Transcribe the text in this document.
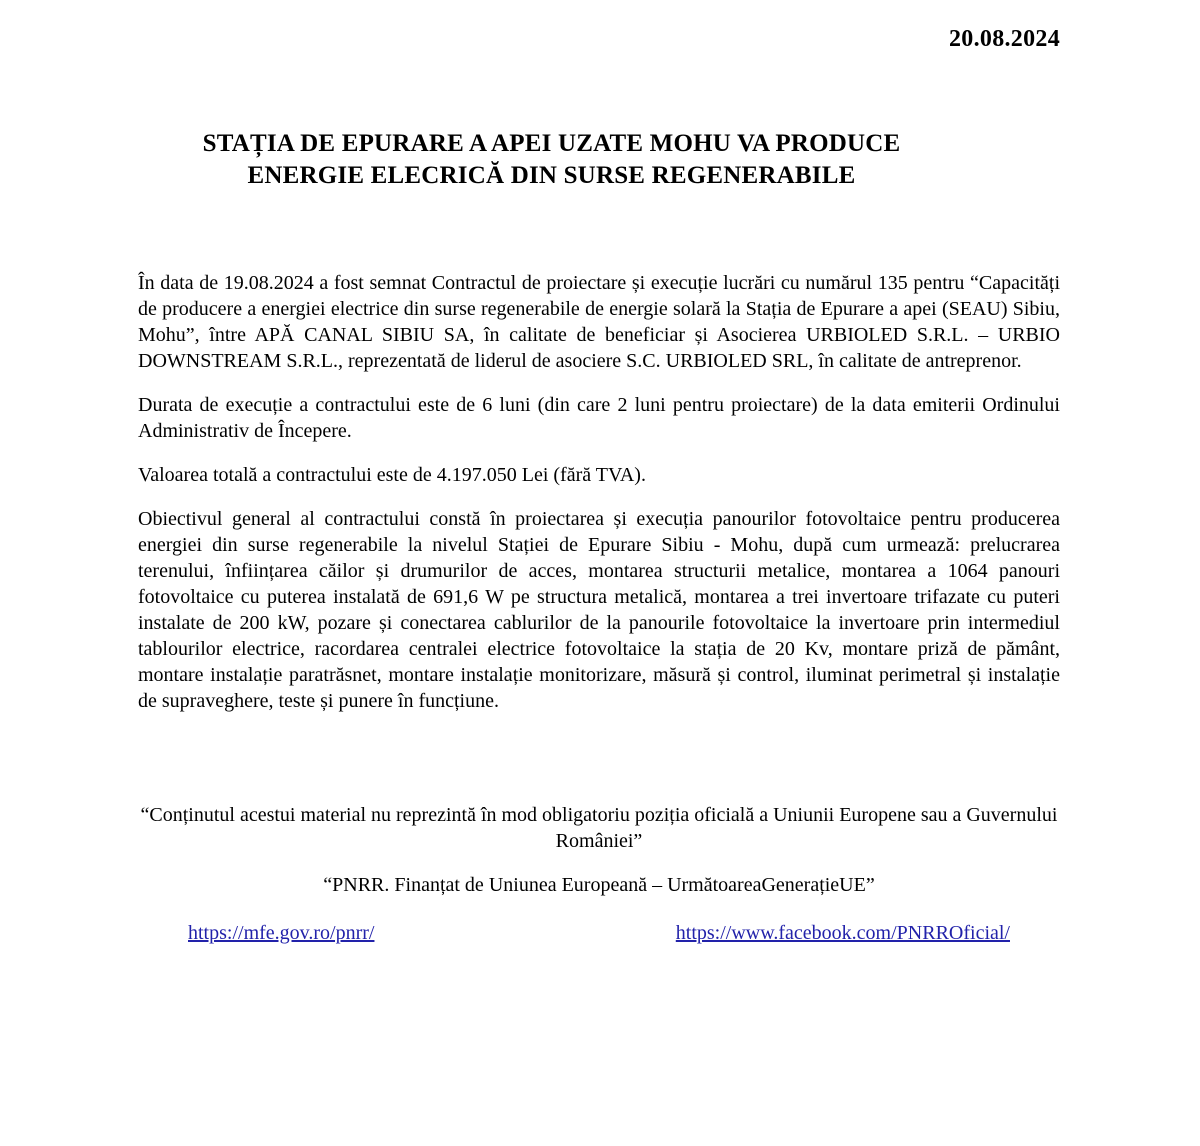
20.08.2024
STAȚIA DE EPURARE A APEI UZATE MOHU VA PRODUCE
ENERGIE ELECRICĂ DIN SURSE REGENERABILE

În data de 19.08.2024 a fost semnat Contractul de proiectare și execuție lucrări cu numărul 135 pentru “Capacități de producere a energiei electrice din surse regenerabile de energie solară la Stația de Epurare a apei (SEAU) Sibiu, Mohu”, între APĂ CANAL SIBIU SA, în calitate de beneficiar și Asocierea URBIOLED S.R.L. – URBIO DOWNSTREAM S.R.L., reprezentată de liderul de asociere S.C. URBIOLED SRL, în calitate de antreprenor.

Durata de execuție a contractului este de 6 luni (din care 2 luni pentru proiectare) de la data emiterii Ordinului Administrativ de Începere.

Valoarea totală a contractului este de 4.197.050 Lei (fără TVA).

Obiectivul general al contractului constă în proiectarea și execuția panourilor fotovoltaice pentru producerea energiei din surse regenerabile la nivelul Stației de Epurare Sibiu - Mohu, după cum urmează: prelucrarea terenului, înființarea căilor și drumurilor de acces, montarea structurii metalice, montarea a 1064 panouri fotovoltaice cu puterea instalată de 691,6 W pe structura metalică, montarea a trei invertoare trifazate cu puteri instalate de 200 kW, pozare și conectarea cablurilor de la panourile fotovoltaice la invertoare prin intermediul tablourilor electrice, racordarea centralei electrice fotovoltaice la stația de 20 Kv, montare priză de pământ, montare instalație paratrăsnet, montare instalație monitorizare, măsură și control, iluminat perimetral și instalație de supraveghere, teste și punere în funcțiune.

“Conținutul acestui material nu reprezintă în mod obligatoriu poziția oficială a Uniunii Europene sau a Guvernului României”
“PNRR. Finanțat de Uniunea Europeană – UrmătoareaGenerațieUE”
https://mfe.gov.ro/pnrr/	https://www.facebook.com/PNRROficial/
